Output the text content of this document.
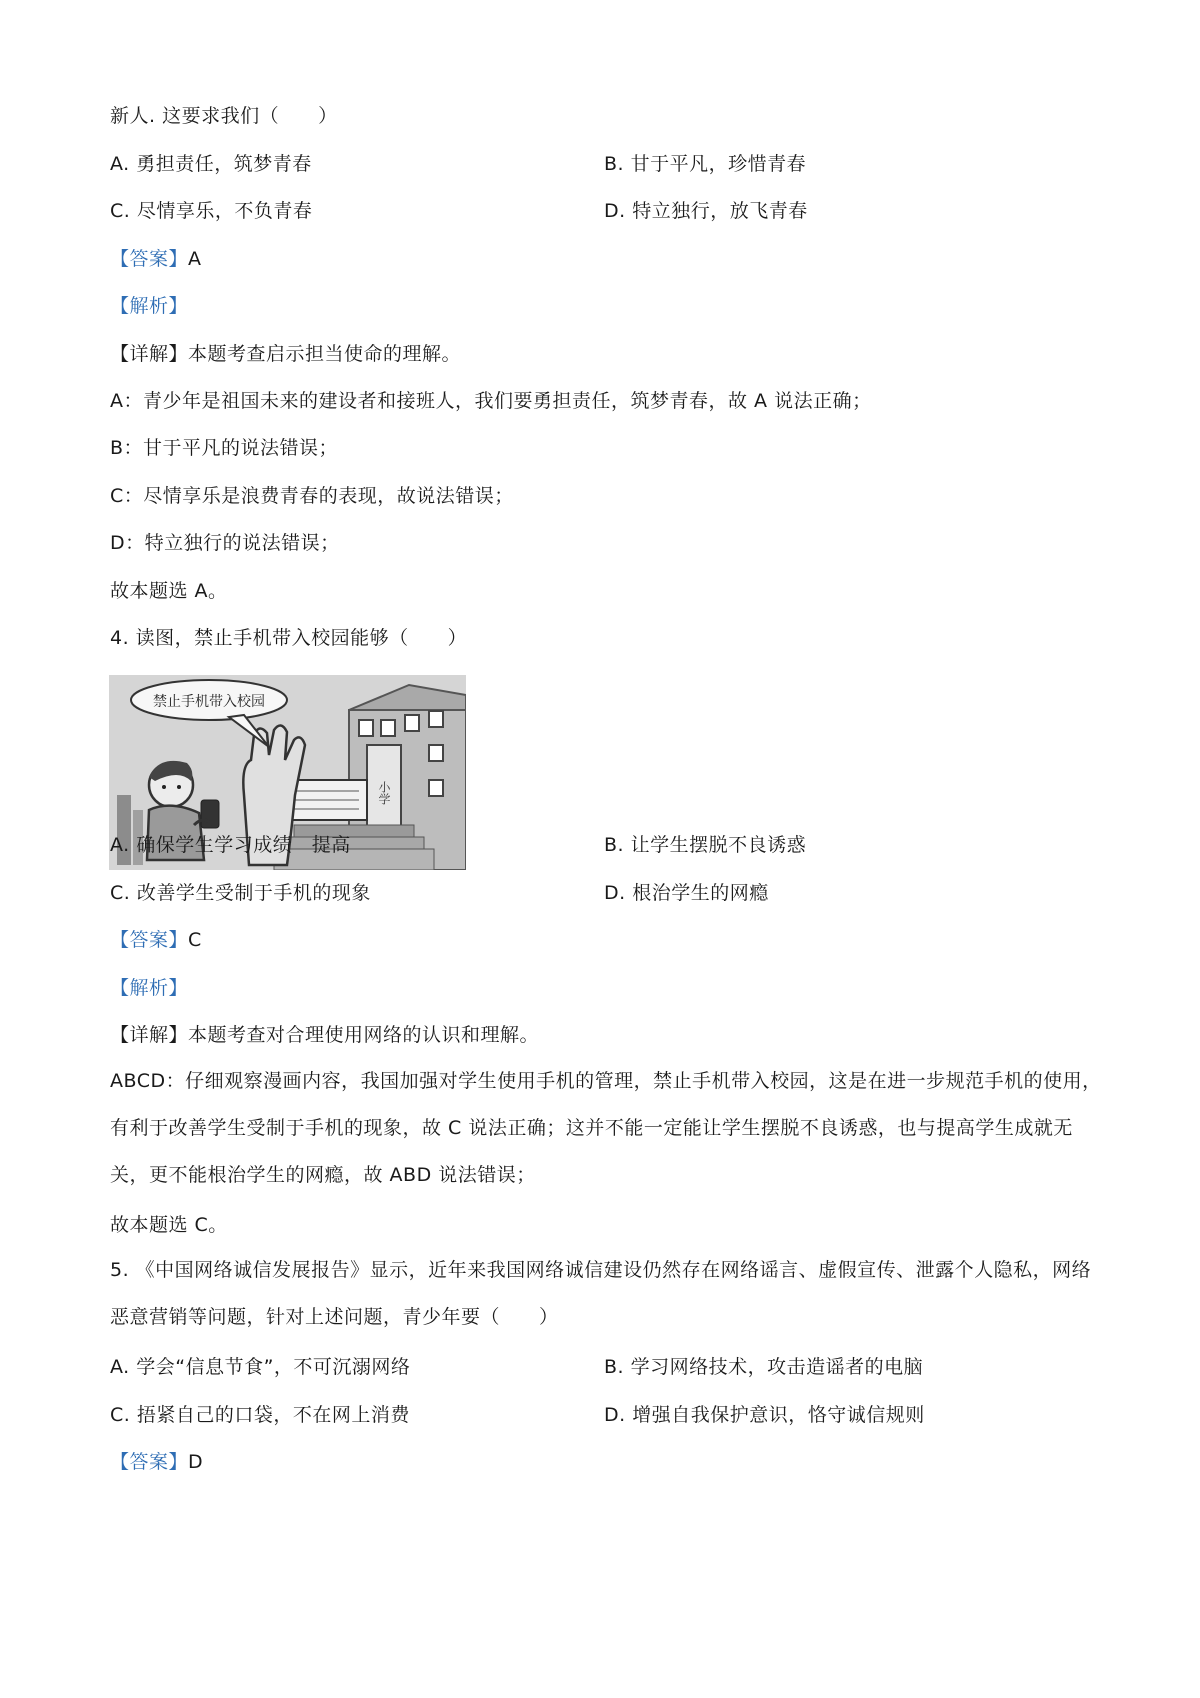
新人. 这要求我们（　　）
A. 勇担责任，筑梦青春	B. 甘于平凡，珍惜青春
C. 尽情享乐，不负青春	D. 特立独行，放飞青春
【答案】A
【解析】
【详解】本题考查启示担当使命的理解。
A：青少年是祖国未来的建设者和接班人，我们要勇担责任，筑梦青春，故 A 说法正确；
B：甘于平凡的说法错误；
C：尽情享乐是浪费青春的表现，故说法错误；
D：特立独行的说法错误；
故本题选 A。
4. 读图，禁止手机带入校园能够（　　）
小学
禁止手机带入校园
A. 确保学生学习成绩　提高	B. 让学生摆脱不良诱惑
C. 改善学生受制于手机的现象	D. 根治学生的网瘾
【答案】C
【解析】
【详解】本题考查对合理使用网络的认识和理解。
ABCD：仔细观察漫画内容，我国加强对学生使用手机的管理，禁止手机带入校园，这是在进一步规范手机的使用，有利于改善学生受制于手机的现象，故 C 说法正确；这并不能一定能让学生摆脱不良诱惑，也与提高学生成就无关，更不能根治学生的网瘾，故 ABD 说法错误；
故本题选 C。
5. 《中国网络诚信发展报告》显示，近年来我国网络诚信建设仍然存在网络谣言、虚假宣传、泄露个人隐私，网络恶意营销等问题，针对上述问题，青少年要（　　）
A. 学会“信息节食”，不可沉溺网络	B. 学习网络技术，攻击造谣者的电脑
C. 捂紧自己的口袋，不在网上消费	D. 增强自我保护意识，恪守诚信规则
【答案】D
